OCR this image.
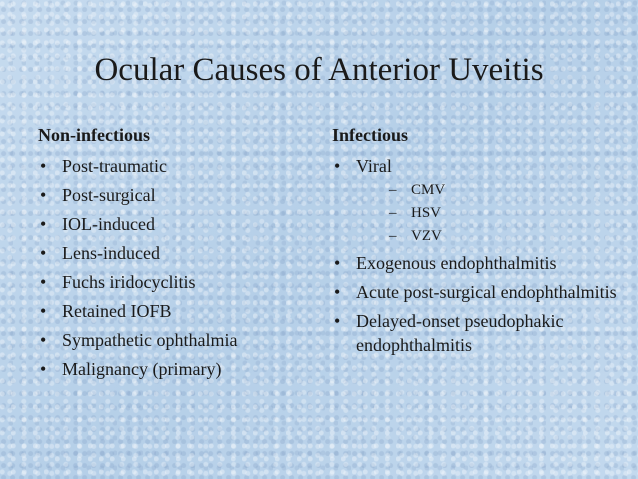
Ocular Causes of Anterior Uveitis
Non-infectious
• Post-traumatic
• Post-surgical
• IOL-induced
• Lens-induced
• Fuchs iridocyclitis
• Retained IOFB
• Sympathetic ophthalmia
• Malignancy (primary)
Infectious
• Viral
– CMV
– HSV
– VZV
• Exogenous endophthalmitis
• Acute post-surgical endophthalmitis
• Delayed-onset pseudophakic endophthalmitis
